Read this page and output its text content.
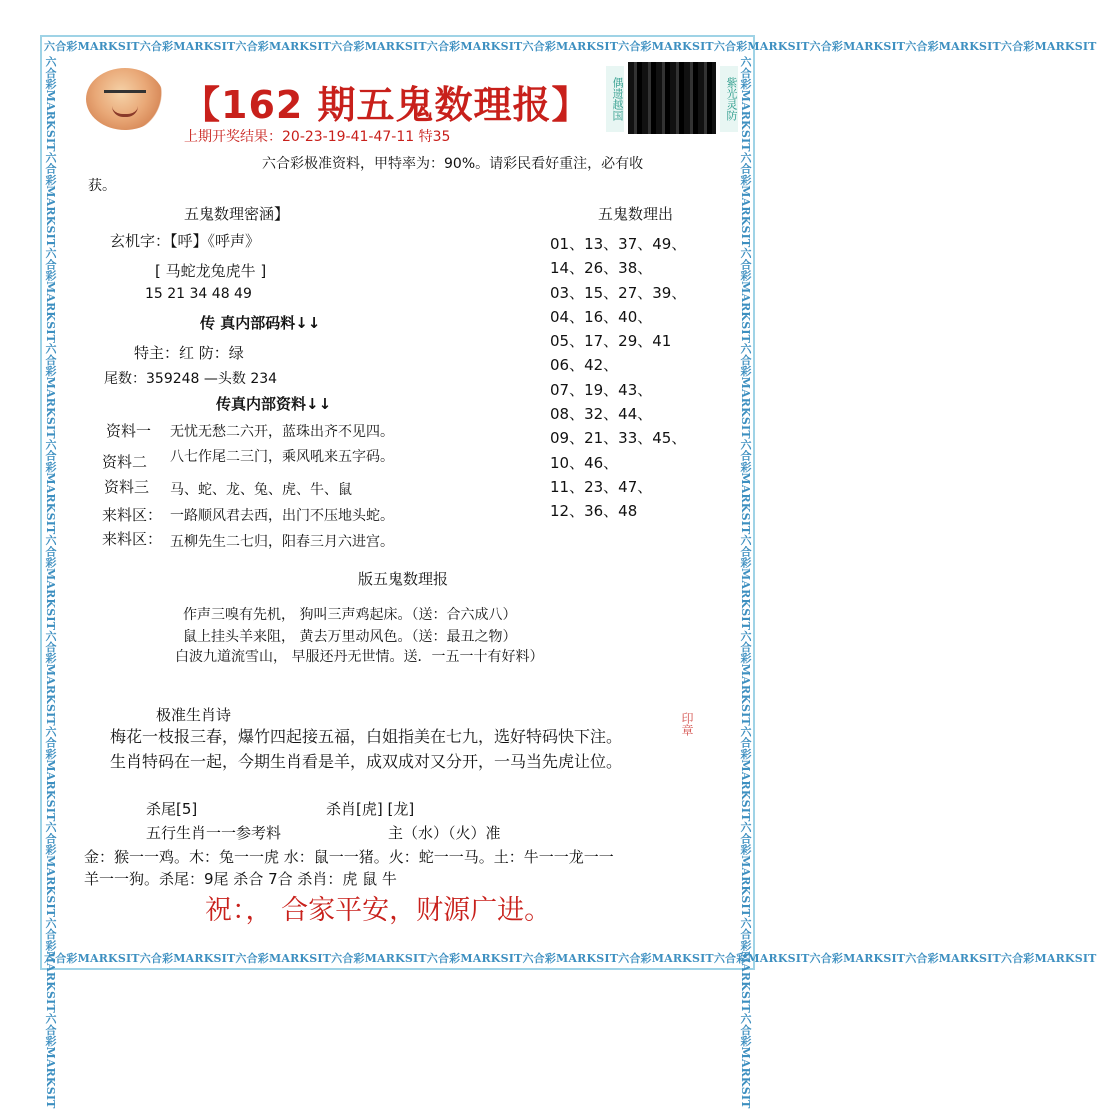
六合彩MARKSIT六合彩MARKSIT六合彩MARKSIT六合彩MARKSIT六合彩MARKSIT六合彩MARKSIT六合彩MARKSIT六合彩MARKSIT六合彩MARKSIT六合彩MARKSIT六合彩MARKSIT
六合彩MARKSIT六合彩MARKSIT六合彩MARKSIT六合彩MARKSIT六合彩MARKSIT六合彩MARKSIT六合彩MARKSIT六合彩MARKSIT六合彩MARKSIT六合彩MARKSIT六合彩MARKSIT
六合彩MARKSIT六合彩MARKSIT六合彩MARKSIT六合彩MARKSIT六合彩MARKSIT六合彩MARKSIT六合彩MARKSIT六合彩MARKSIT六合彩MARKSIT六合彩MARKSIT六合彩MARKSIT	六合彩MARKSIT六合彩MARKSIT六合彩MARKSIT六合彩MARKSIT六合彩MARKSIT六合彩MARKSIT六合彩MARKSIT六合彩MARKSIT六合彩MARKSIT六合彩MARKSIT六合彩MARKSIT
【162 期五鬼数理报】	偶遗越国	紫光灵防
上期开奖结果：20-23-19-41-47-11 特35
六合彩极准资料，甲特率为：90%。请彩民看好重注，必有收
获。
五鬼数理密涵】
玄机字：【呼】《呼声》
[ 马蛇龙兔虎牛 ]
15 21 34 48 49
传 真内部码料↓↓
特主：红 防：绿
尾数：359248 —头数 234
传真内部资料↓↓
资料一 无忧无愁二六开，蓝珠出齐不见四。
资料二 八七作尾二三门，乘风吼来五字码。
资料三 马、蛇、龙、兔、虎、牛、鼠
来料区： 一路顺风君去西，出门不压地头蛇。
来料区： 五柳先生二七归，阳春三月六进宫。
五鬼数理出
01、13、37、49、
14、26、38、
03、15、27、39、
04、16、40、
05、17、29、41
06、42、
07、19、43、
08、32、44、
09、21、33、45、
10、46、
11、23、47、
12、36、48
版五鬼数理报
作声三嗅有先机， 狗叫三声鸡起床。（送：合六成八）
鼠上挂头羊来阻， 黄去万里动风色。（送：最丑之物）
白波九道流雪山， 早服还丹无世情。送．一五一十有好料）
极准生肖诗
梅花一枝报三春，爆竹四起接五福，白姐指美在七九，选好特码快下注。
生肖特码在一起，今期生肖看是羊，成双成对又分开，一马当先虎让位。
印章
杀尾[5]	杀肖[虎] [龙]
五行生肖一一参考料	主（水）（火）准
金：猴一一鸡。木：兔一一虎 水：鼠一一猪。火：蛇一一马。土：牛一一龙一一
羊一一狗。杀尾：9尾 杀合 7合 杀肖：虎 鼠 牛
祝：， 合家平安，财源广进。
